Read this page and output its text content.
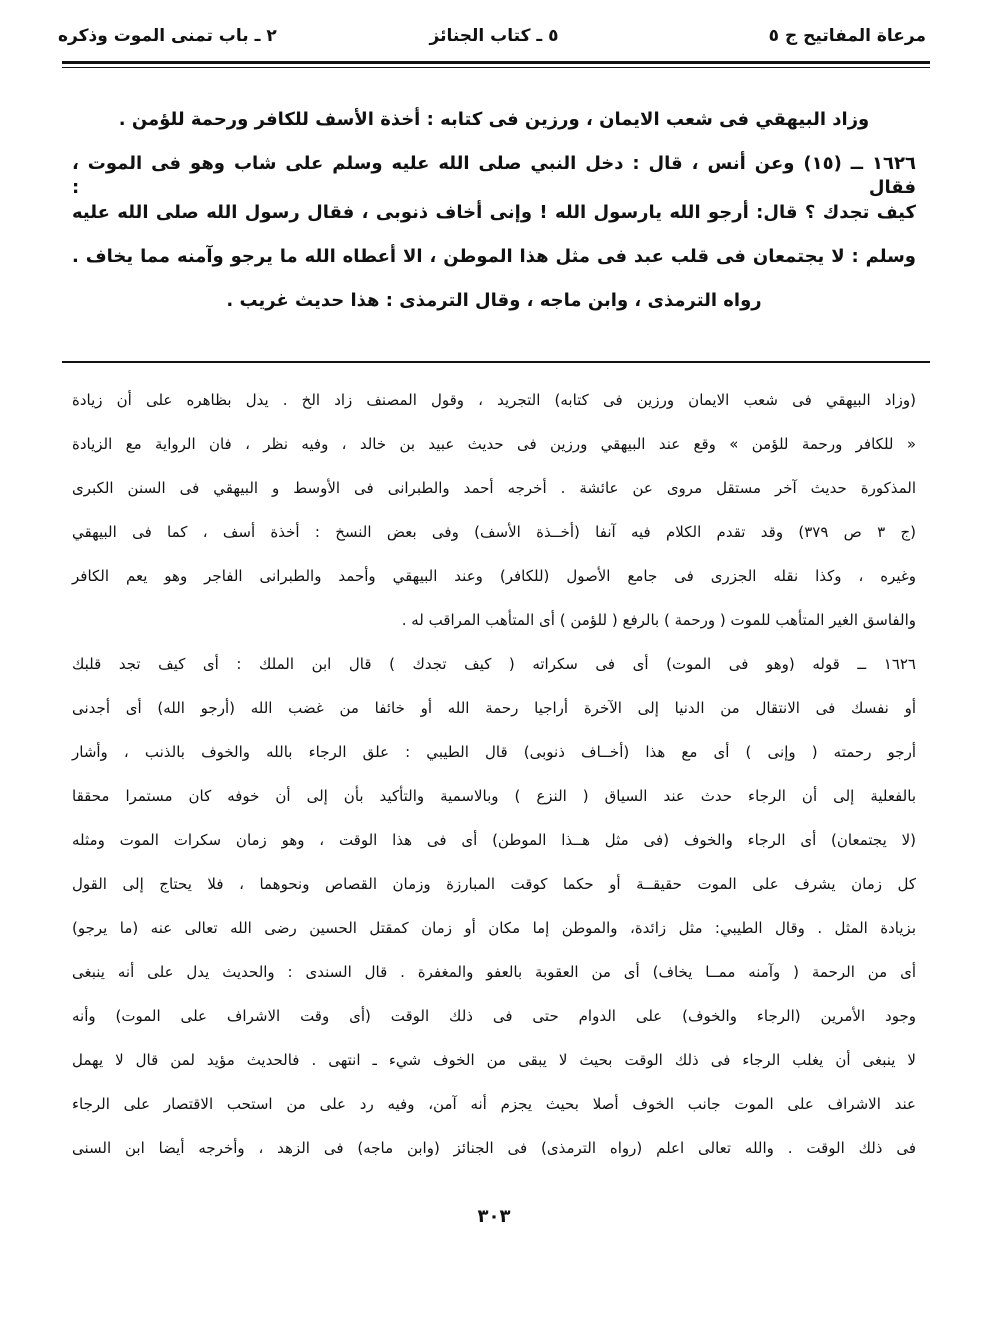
مرعاة المفاتيح ج ٥
٥ ـ كتاب الجنائز
٢ ـ باب تمنى الموت وذكره
وزاد البيهقي فى شعب الايمان ، ورزين فى كتابه : أخذة الأسف للكافر ورحمة للؤمن .
١٦٢٦ ــ (١٥) وعن أنس ، قال : دخل النبي صلى الله عليه وسلم على شاب وهو فى الموت ، فقال :
كيف تجدك ؟ قال: أرجو الله يارسول الله ! وإنى أخاف ذنوبى ، فقال رسول الله صلى الله عليه
وسلم : لا يجتمعان فى قلب عبد فى مثل هذا الموطن ، الا أعطاه الله ما يرجو وآمنه مما يخاف .
رواه الترمذى ، وابن ماجه ، وقال الترمذى : هذا حديث غريب .
(وزاد البيهقي فى شعب الايمان ورزين فى كتابه) التجريد ، وقول المصنف زاد الخ . يدل بظاهره على أن زيادة
« للكافر ورحمة للؤمن » وقع عند البيهقي ورزين فى حديث عبيد بن خالد ، وفيه نظر ، فان الرواية مع الزيادة
المذكورة حديث آخر مستقل مروى عن عائشة . أخرجه أحمد والطبرانى فى الأوسط و البيهقي فى السنن الكبرى
(ج ٣ ص ٣٧٩) وقد تقدم الكلام فيه آنفا (أخــذة الأسف) وفى بعض النسخ : أخذة أسف ، كما فى البيهقي
وغيره ، وكذا نقله الجزرى فى جامع الأصول (للكافر) وعند البيهقي وأحمد والطبرانى الفاجر وهو يعم الكافر
والفاسق الغير المتأهب للموت ( ورحمة ) بالرفع ( للؤمن ) أى المتأهب المراقب له .
١٦٢٦ ــ قوله (وهو فى الموت) أى فى سكراته ( كيف تجدك ) قال ابن الملك : أى كيف تجد قلبك
أو نفسك فى الانتقال من الدنيا إلى الآخرة أراجيا رحمة الله أو خائفا من غضب الله (أرجو الله) أى أجدنى
أرجو رحمته ( وإنى ) أى مع هذا (أخــاف ذنوبى) قال الطيبي : علق الرجاء بالله والخوف بالذنب ، وأشار
بالفعلية إلى أن الرجاء حدث عند السياق ( النزع ) وبالاسمية والتأكيد بأن إلى أن خوفه كان مستمرا محققا
(لا يجتمعان) أى الرجاء والخوف (فى مثل هــذا الموطن) أى فى هذا الوقت ، وهو زمان سكرات الموت ومثله
كل زمان يشرف على الموت حقيقــة أو حكما كوقت المبارزة وزمان القصاص ونحوهما ، فلا يحتاج إلى القول
بزيادة المثل . وقال الطيبي: مثل زائدة، والموطن إما مكان أو زمان كمقتل الحسين رضى الله تعالى عنه (ما يرجو)
أى من الرحمة ( وآمنه ممــا يخاف) أى من العقوبة بالعفو والمغفرة . قال السندى : والحديث يدل على أنه ينبغى
وجود الأمرين (الرجاء والخوف) على الدوام حتى فى ذلك الوقت (أى وقت الاشراف على الموت) وأنه
لا ينبغى أن يغلب الرجاء فى ذلك الوقت بحيث لا يبقى من الخوف شيء ـ انتهى . فالحديث مؤيد لمن قال لا يهمل
عند الاشراف على الموت جانب الخوف أصلا بحيث يجزم أنه آمن، وفيه رد على من استحب الاقتصار على الرجاء
فى ذلك الوقت . والله تعالى اعلم (رواه الترمذى) فى الجنائز (وابن ماجه) فى الزهد ، وأخرجه أيضا ابن السنى
٣٠٣
